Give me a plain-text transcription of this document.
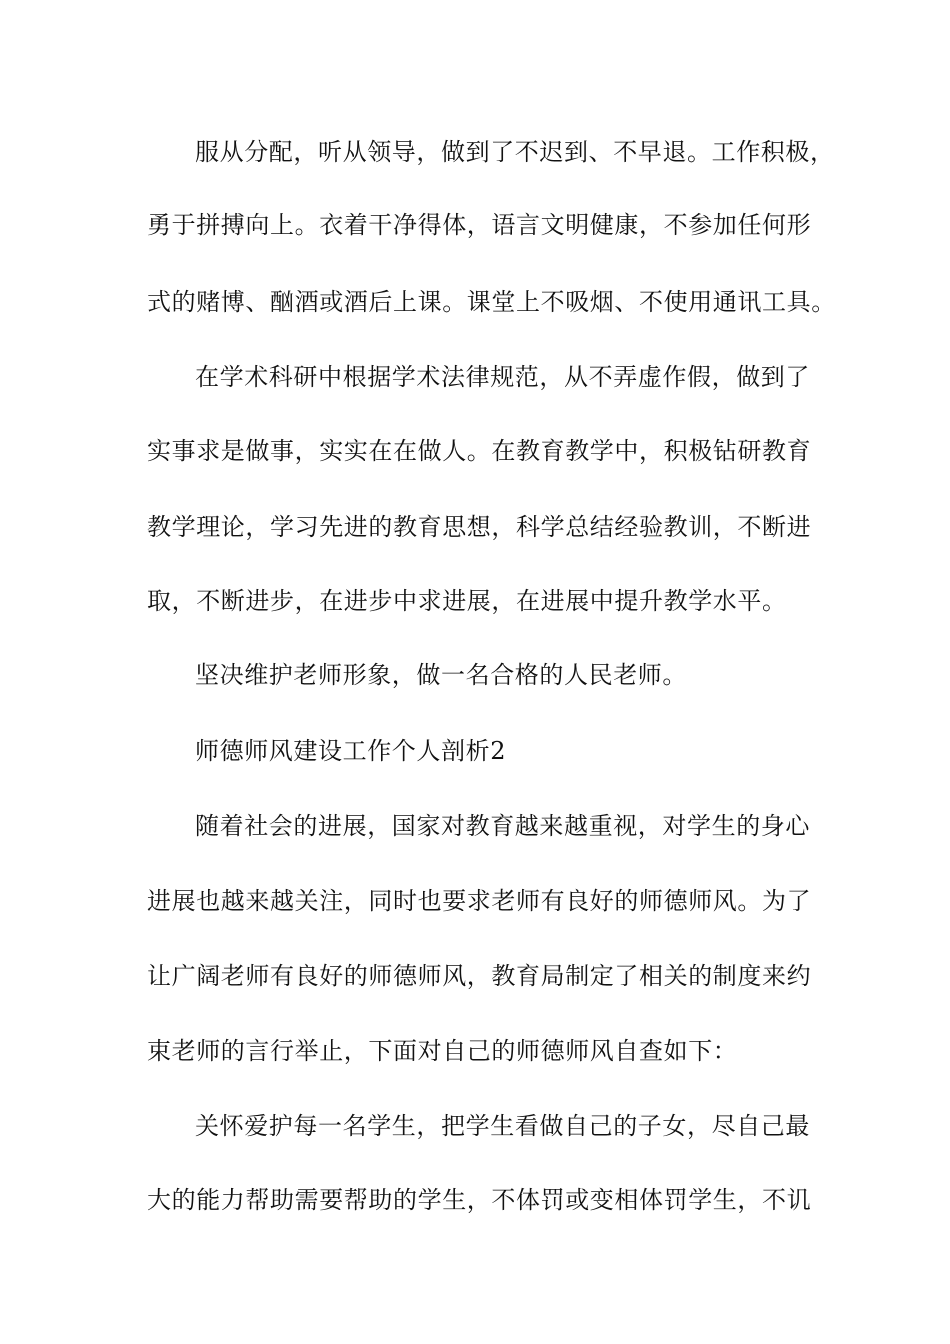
服从分配，听从领导，做到了不迟到、不早退。工作积极，
勇于拼搏向上。衣着干净得体，语言文明健康，不参加任何形
式的赌博、酗酒或酒后上课。课堂上不吸烟、不使用通讯工具。
在学术科研中根据学术法律规范，从不弄虚作假，做到了
实事求是做事，实实在在做人。在教育教学中，积极钻研教育
教学理论，学习先进的教育思想，科学总结经验教训，不断进
取，不断进步，在进步中求进展，在进展中提升教学水平。
坚决维护老师形象，做一名合格的人民老师。
师德师风建设工作个人剖析2
随着社会的进展，国家对教育越来越重视，对学生的身心
进展也越来越关注，同时也要求老师有良好的师德师风。为了
让广阔老师有良好的师德师风，教育局制定了相关的制度来约
束老师的言行举止，下面对自己的师德师风自查如下：
关怀爱护每一名学生，把学生看做自己的子女，尽自己最
大的能力帮助需要帮助的学生，不体罚或变相体罚学生，不讥
